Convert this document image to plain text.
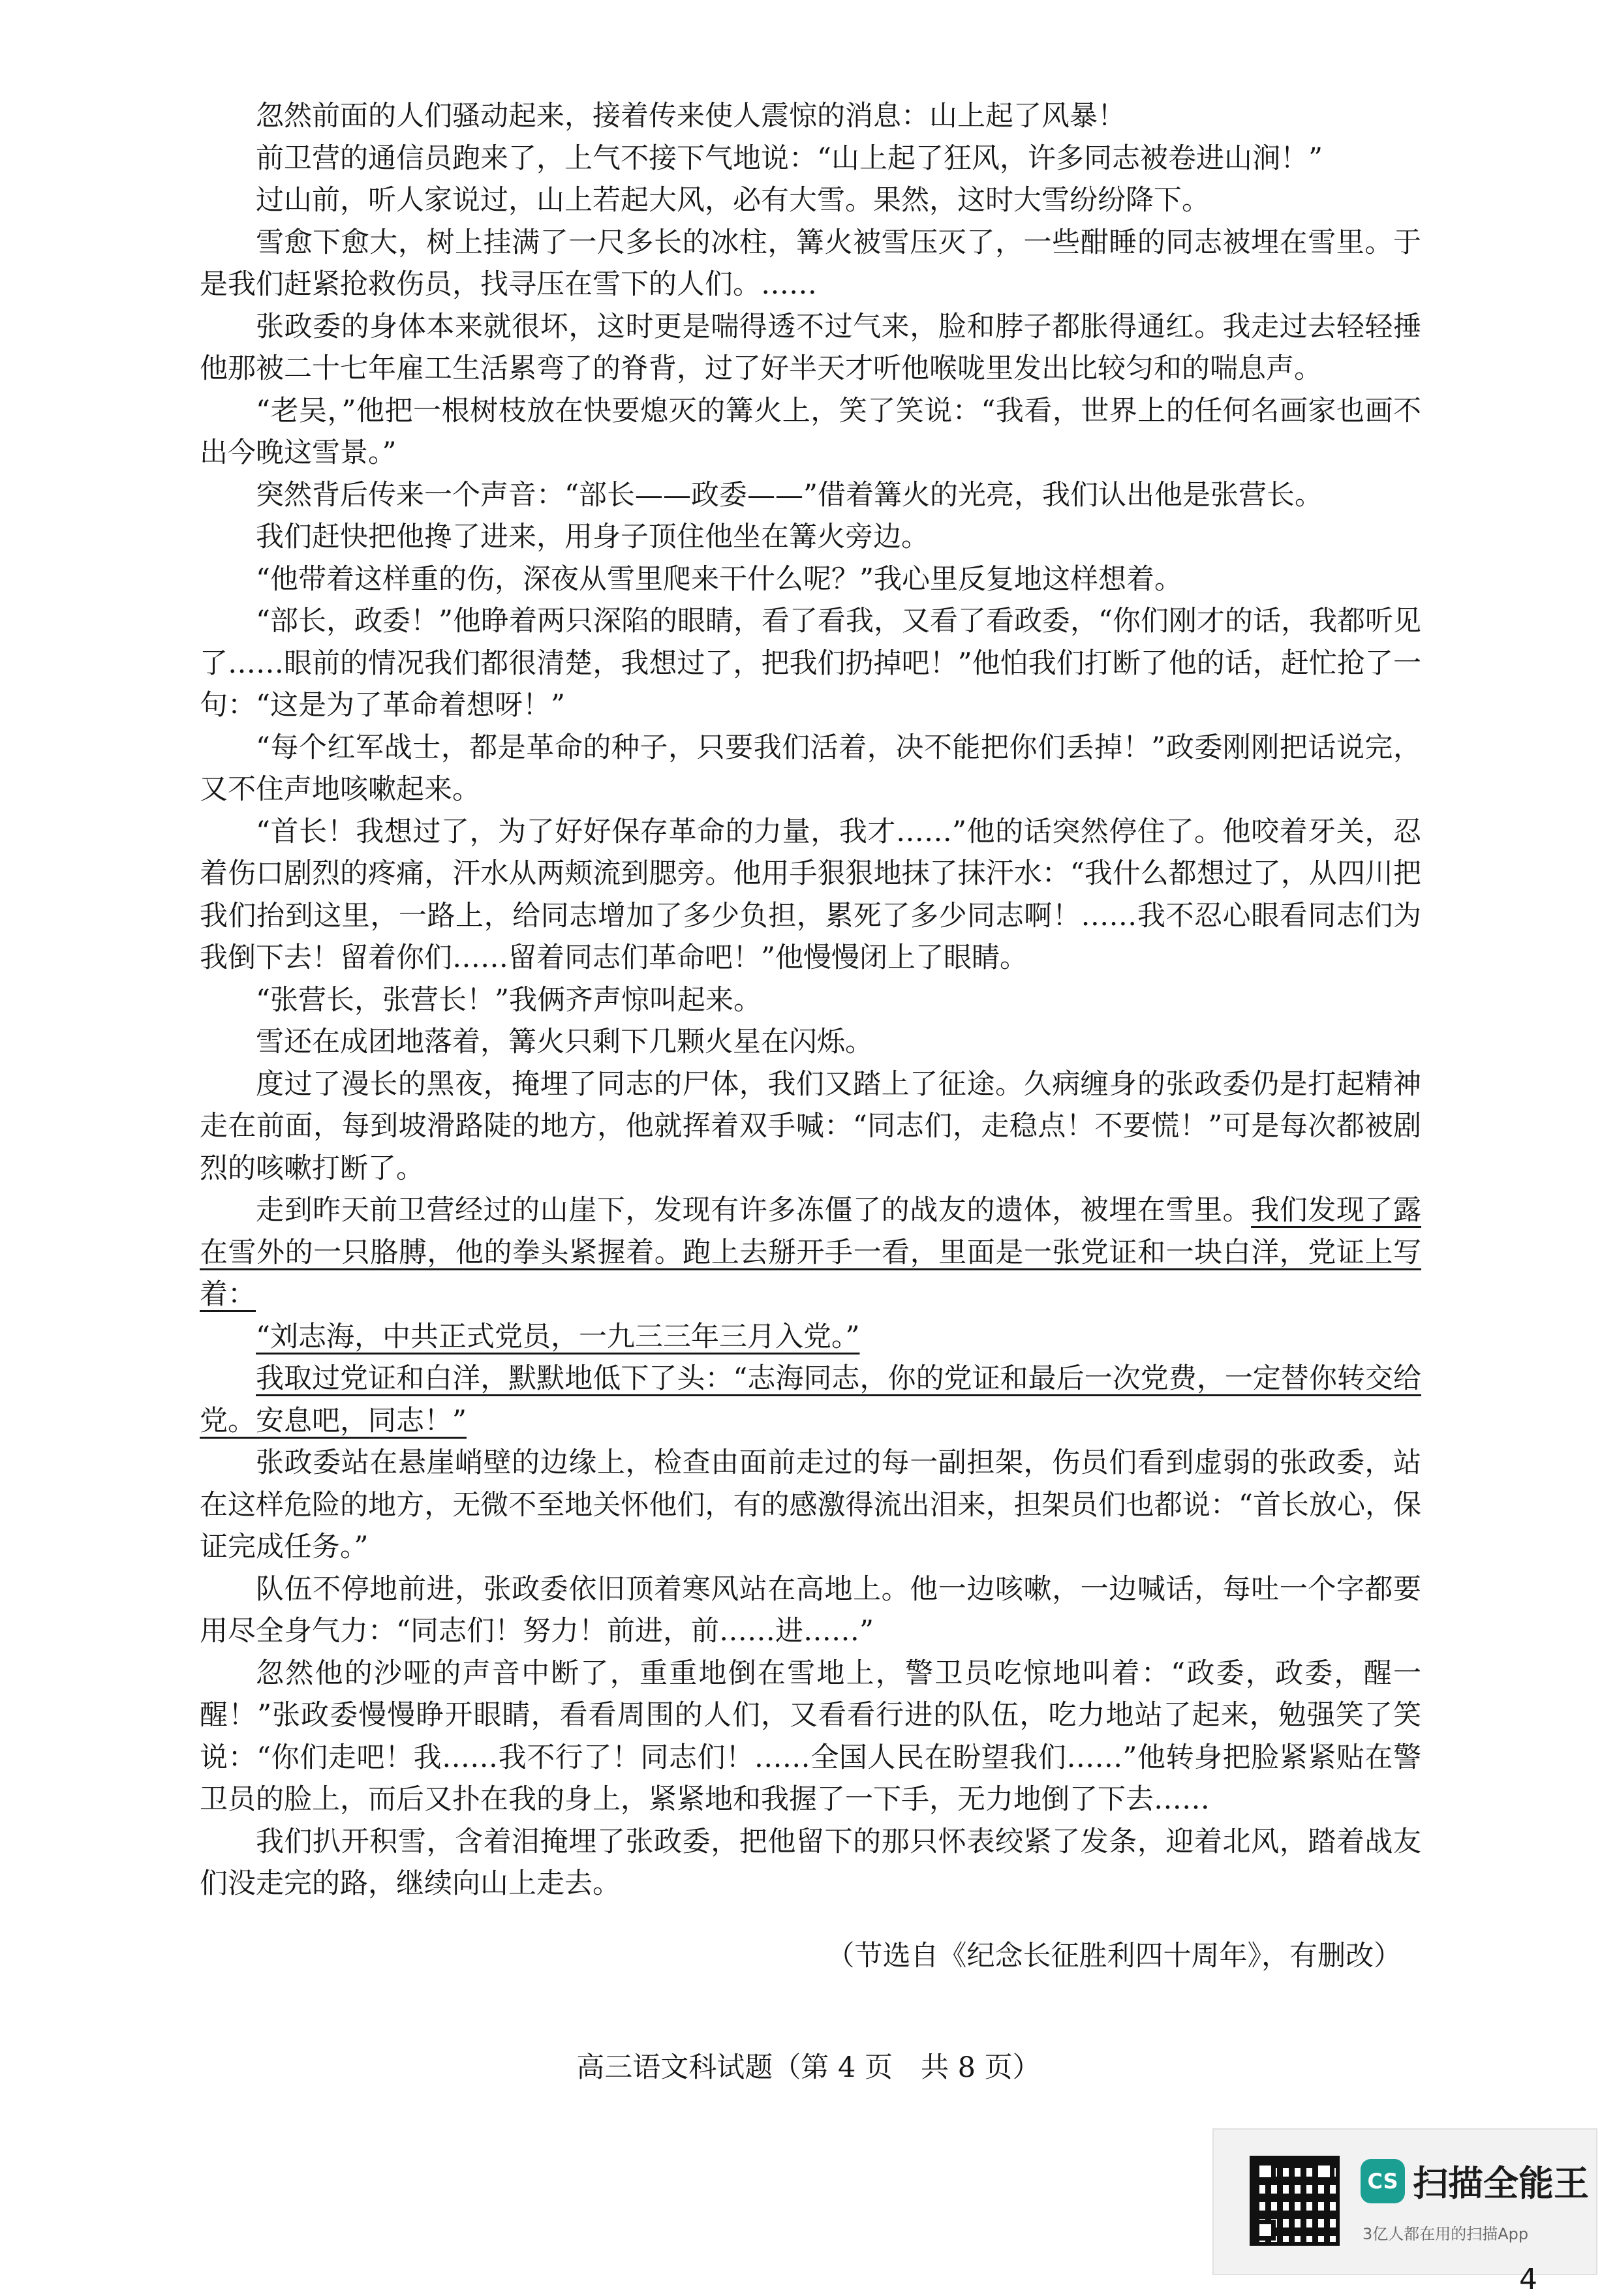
忽然前面的人们骚动起来，接着传来使人震惊的消息：山上起了风暴！

前卫营的通信员跑来了，上气不接下气地说：“山上起了狂风，许多同志被卷进山涧！”

过山前，听人家说过，山上若起大风，必有大雪。果然，这时大雪纷纷降下。

雪愈下愈大，树上挂满了一尺多长的冰柱，篝火被雪压灭了，一些酣睡的同志被埋在雪里。于是我们赶紧抢救伤员，找寻压在雪下的人们。……

张政委的身体本来就很坏，这时更是喘得透不过气来，脸和脖子都胀得通红。我走过去轻轻捶他那被二十七年雇工生活累弯了的脊背，过了好半天才听他喉咙里发出比较匀和的喘息声。

“老吴，”他把一根树枝放在快要熄灭的篝火上，笑了笑说：“我看，世界上的任何名画家也画不出今晚这雪景。”

突然背后传来一个声音：“部长——政委——”借着篝火的光亮，我们认出他是张营长。

我们赶快把他搀了进来，用身子顶住他坐在篝火旁边。

“他带着这样重的伤，深夜从雪里爬来干什么呢？”我心里反复地这样想着。

“部长，政委！”他睁着两只深陷的眼睛，看了看我，又看了看政委，“你们刚才的话，我都听见了……眼前的情况我们都很清楚，我想过了，把我们扔掉吧！”他怕我们打断了他的话，赶忙抢了一句：“这是为了革命着想呀！”

“每个红军战士，都是革命的种子，只要我们活着，决不能把你们丢掉！”政委刚刚把话说完，又不住声地咳嗽起来。

“首长！我想过了，为了好好保存革命的力量，我才……”他的话突然停住了。他咬着牙关，忍着伤口剧烈的疼痛，汗水从两颊流到腮旁。他用手狠狠地抹了抹汗水：“我什么都想过了，从四川把我们抬到这里，一路上，给同志增加了多少负担，累死了多少同志啊！……我不忍心眼看同志们为我倒下去！留着你们……留着同志们革命吧！”他慢慢闭上了眼睛。

“张营长，张营长！”我俩齐声惊叫起来。

雪还在成团地落着，篝火只剩下几颗火星在闪烁。

度过了漫长的黑夜，掩埋了同志的尸体，我们又踏上了征途。久病缠身的张政委仍是打起精神走在前面，每到坡滑路陡的地方，他就挥着双手喊：“同志们，走稳点！不要慌！”可是每次都被剧烈的咳嗽打断了。

走到昨天前卫营经过的山崖下，发现有许多冻僵了的战友的遗体，被埋在雪里。我们发现了露在雪外的一只胳膊，他的拳头紧握着。跑上去掰开手一看，里面是一张党证和一块白洋，党证上写着：

“刘志海，中共正式党员，一九三三年三月入党。”

我取过党证和白洋，默默地低下了头：“志海同志，你的党证和最后一次党费，一定替你转交给党。安息吧，同志！”

张政委站在悬崖峭壁的边缘上，检查由面前走过的每一副担架，伤员们看到虚弱的张政委，站在这样危险的地方，无微不至地关怀他们，有的感激得流出泪来，担架员们也都说：“首长放心，保证完成任务。”

队伍不停地前进，张政委依旧顶着寒风站在高地上。他一边咳嗽，一边喊话，每吐一个字都要用尽全身气力：“同志们！努力！前进，前……进……”

忽然他的沙哑的声音中断了，重重地倒在雪地上，警卫员吃惊地叫着：“政委，政委，醒一醒！”张政委慢慢睁开眼睛，看看周围的人们，又看看行进的队伍，吃力地站了起来，勉强笑了笑说：“你们走吧！我……我不行了！同志们！……全国人民在盼望我们……”他转身把脸紧紧贴在警卫员的脸上，而后又扑在我的身上，紧紧地和我握了一下手，无力地倒了下去……

我们扒开积雪，含着泪掩埋了张政委，把他留下的那只怀表绞紧了发条，迎着北风，踏着战友们没走完的路，继续向山上走去。

（节选自《纪念长征胜利四十周年》，有删改）
高三语文科试题（第 4 页　共 8 页）
CS 扫描全能王
3亿人都在用的扫描App
4
